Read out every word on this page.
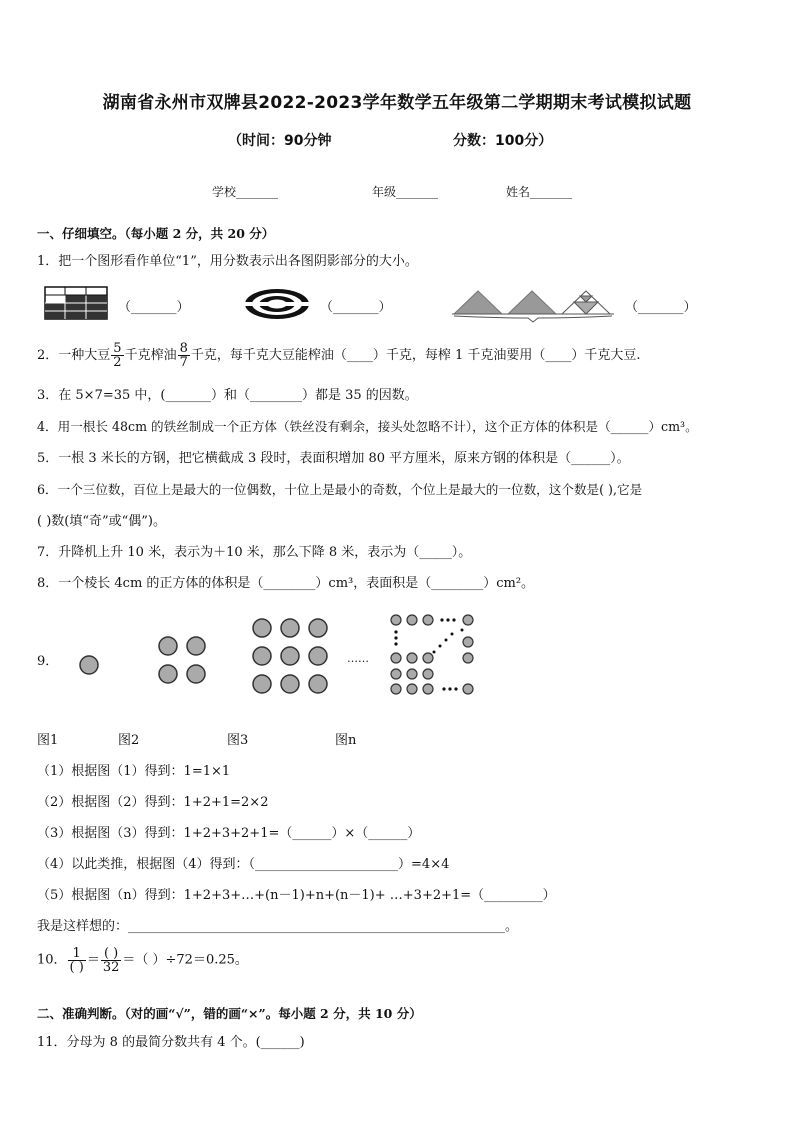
湖南省永州市双牌县2022-2023学年数学五年级第二学期期末考试模拟试题
（时间：90分钟	分数：100分）
学校_______	年级_______	姓名_______
一、仔细填空。（每小题 2 分，共 20 分）
1．把一个图形看作单位“1”，用分数表示出各图阴影部分的大小。
（_______）	（_______）	（_______）
2．一种大豆 $\frac{5}{2}$ 千克榨油 $\frac{8}{7}$ 千克，每千克大豆能榨油（____）千克，每榨 1 千克油要用（____）千克大豆.
3．在 5×7=35 中，(_______）和（________）都是 35 的因数。
4．用一根长 48cm 的铁丝制成一个正方体（铁丝没有剩余，接头处忽略不计），这个正方体的体积是（______）cm³。
5．一根 3 米长的方钢，把它横截成 3 段时，表面积增加 80 平方厘米，原来方钢的体积是（______）。
6．一个三位数，百位上是最大的一位偶数，十位上是最小的奇数，个位上是最大的一位数，这个数是( ),它是
( )数(填“奇”或“偶”)。
7．升降机上升 10 米，表示为＋10 米，那么下降 8 米，表示为（_____）。
8．一个棱长 4cm 的正方体的体积是（________）cm³，表面积是（________）cm²。
9．	……
图1	图2	图3	图n
（1）根据图（1）得到：1=1×1
（2）根据图（2）得到：1+2+1=2×2
（3）根据图（3）得到：1+2+3+2+1=（______）×（______）
（4）以此类推，根据图（4）得到：（______________________）=4×4
（5）根据图（n）得到：1+2+3+…+(n－1)+n+(n－1)+ …+3+2+1=（_________）
我是这样想的：__________________________________________________________。
10． $\frac{1}{( )} = \frac{( )}{32}$ ＝（ ）÷72＝0.25。
二、准确判断。（对的画“√”，错的画“×”。每小题 2 分，共 10 分）
11．分母为 8 的最简分数共有 4 个。(______)
